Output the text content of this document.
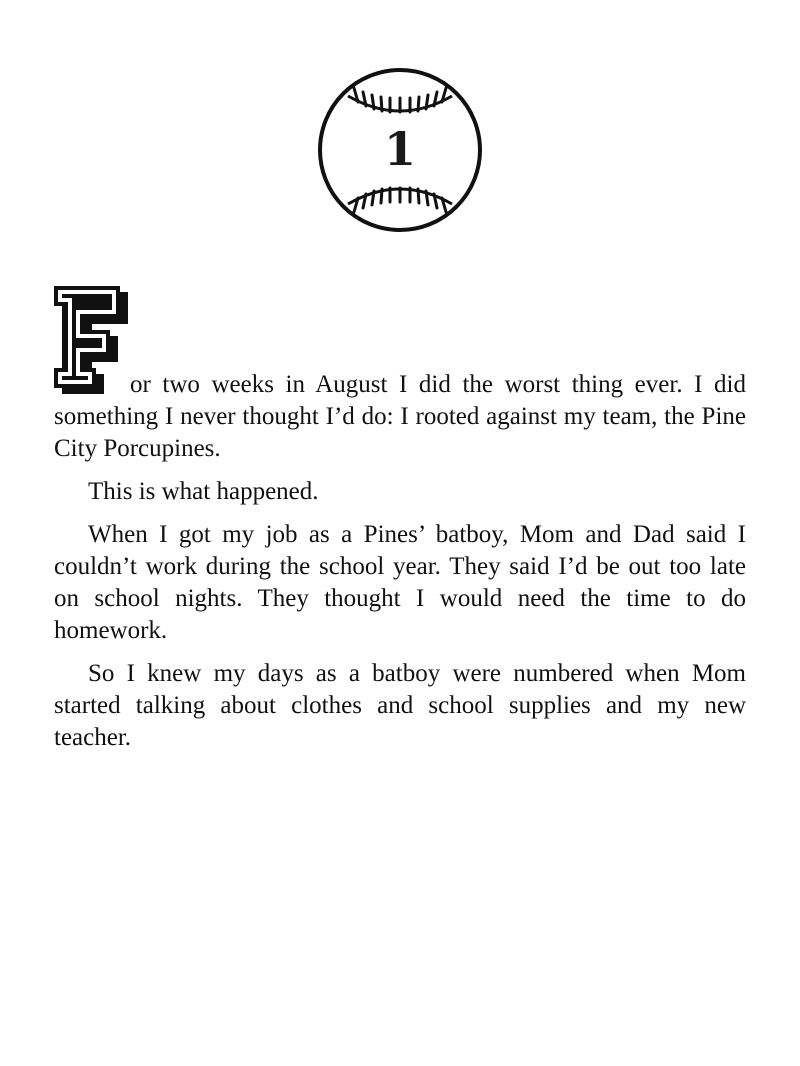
1

or two weeks in August I did the worst thing ever. I did something I never thought I’d do: I rooted against my team, the Pine City Porcupines.

This is what happened.

When I got my job as a Pines’ batboy, Mom and Dad said I couldn’t work during the school year. They said I’d be out too late on school nights. They thought I would need the time to do homework.

So I knew my days as a batboy were numbered when Mom started talking about clothes and school supplies and my new teacher.
